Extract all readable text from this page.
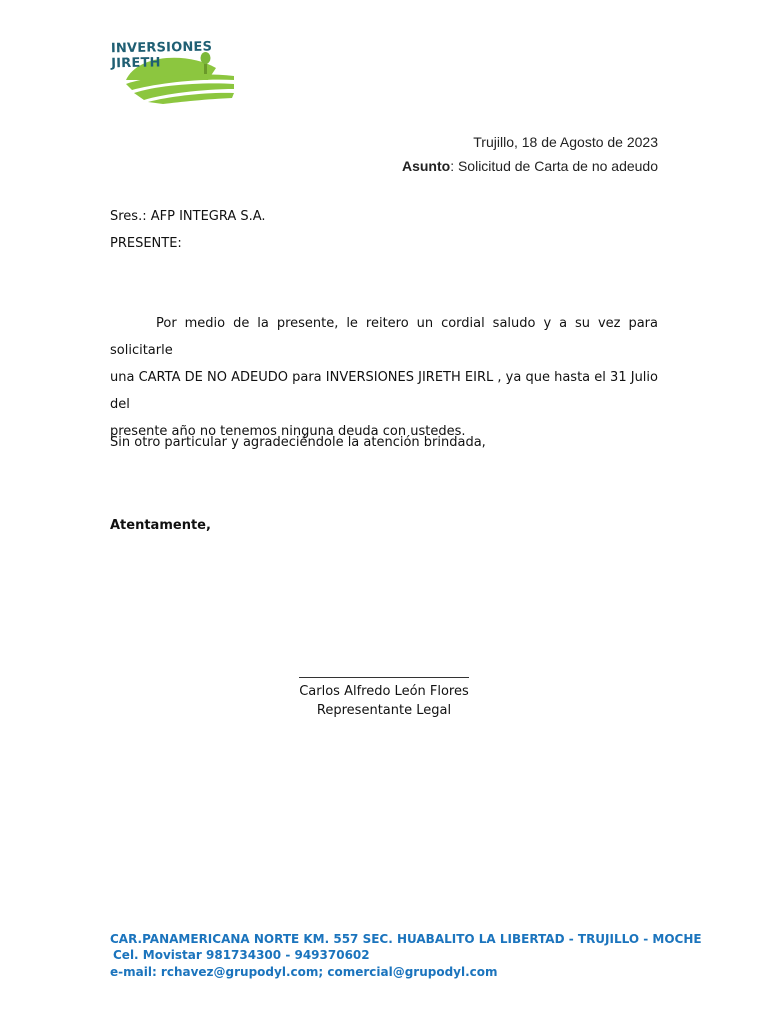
INVERSIONES JIRETH
Trujillo, 18 de Agosto de 2023
Asunto: Solicitud de Carta de no adeudo
Sres.: AFP INTEGRA S.A.
PRESENTE:
Por medio de la presente, le reitero un cordial saludo y a su vez para solicitarle
una CARTA DE NO ADEUDO para INVERSIONES JIRETH EIRL , ya que hasta el 31 Julio del
presente año no tenemos ninguna deuda con ustedes.
Sin otro particular y agradeciéndole la atención brindada,
Atentamente,
Carlos Alfredo León Flores
Representante Legal
CAR.PANAMERICANA NORTE KM. 557 SEC. HUABALITO LA LIBERTAD - TRUJILLO - MOCHE
Cel. Movistar 981734300 - 949370602
e-mail: rchavez@grupodyl.com; comercial@grupodyl.com
